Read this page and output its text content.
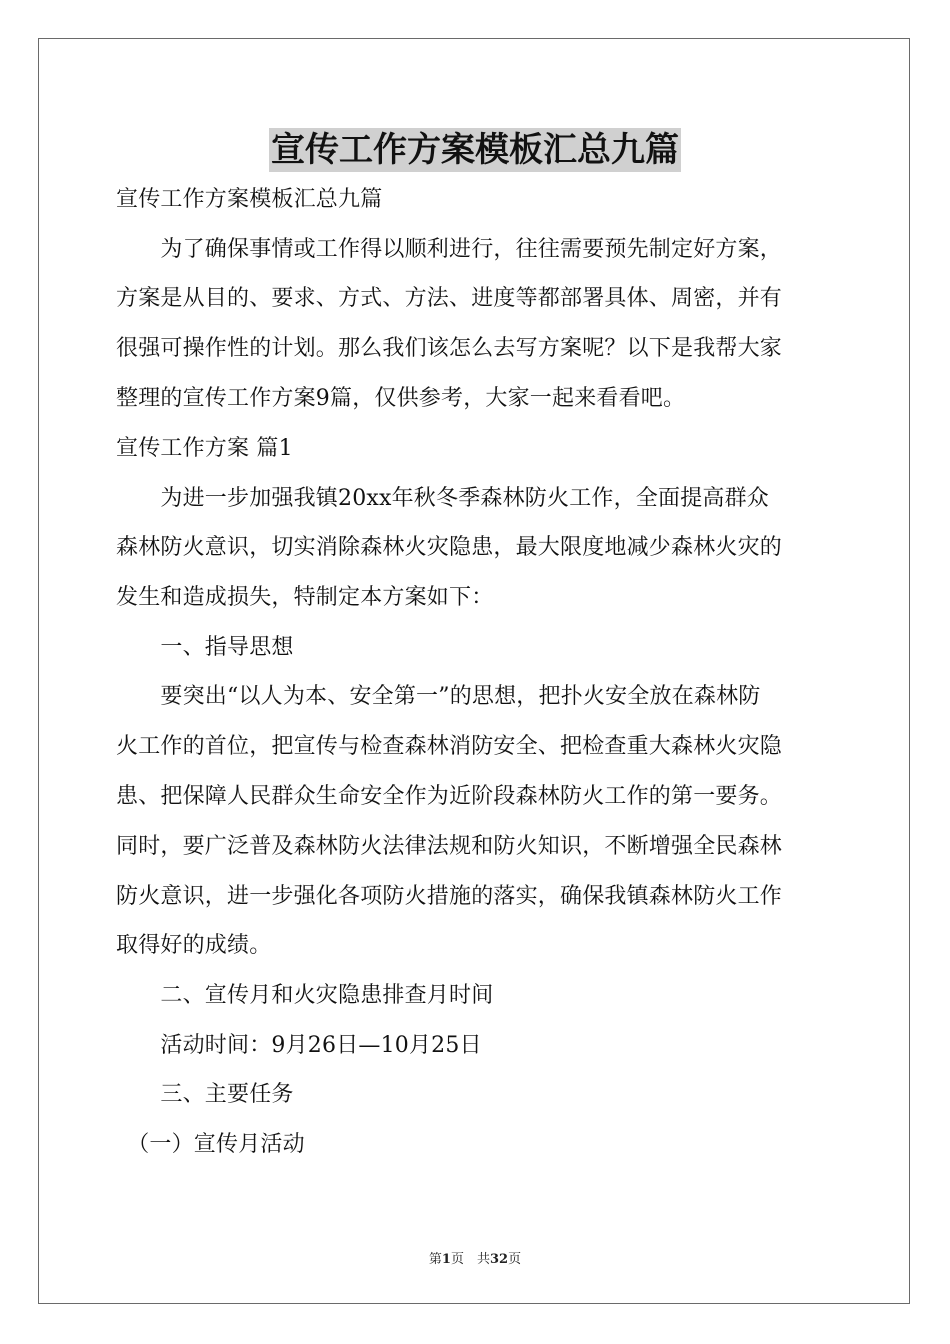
宣传工作方案模板汇总九篇
宣传工作方案模板汇总九篇
　　为了确保事情或工作得以顺利进行，往往需要预先制定好方案，
方案是从目的、要求、方式、方法、进度等都部署具体、周密，并有
很强可操作性的计划。那么我们该怎么去写方案呢？以下是我帮大家
整理的宣传工作方案9篇，仅供参考，大家一起来看看吧。
宣传工作方案 篇1
　　为进一步加强我镇20xx年秋冬季森林防火工作，全面提高群众
森林防火意识，切实消除森林火灾隐患，最大限度地减少森林火灾的
发生和造成损失，特制定本方案如下：
　　一、指导思想
　　要突出“以人为本、安全第一”的思想，把扑火安全放在森林防
火工作的首位，把宣传与检查森林消防安全、把检查重大森林火灾隐
患、把保障人民群众生命安全作为近阶段森林防火工作的第一要务。
同时，要广泛普及森林防火法律法规和防火知识，不断增强全民森林
防火意识，进一步强化各项防火措施的落实，确保我镇森林防火工作
取得好的成绩。
　　二、宣传月和火灾隐患排查月时间
　　活动时间：9月26日—10月25日
　　三、主要任务
　（一）宣传月活动
第1页　共32页
